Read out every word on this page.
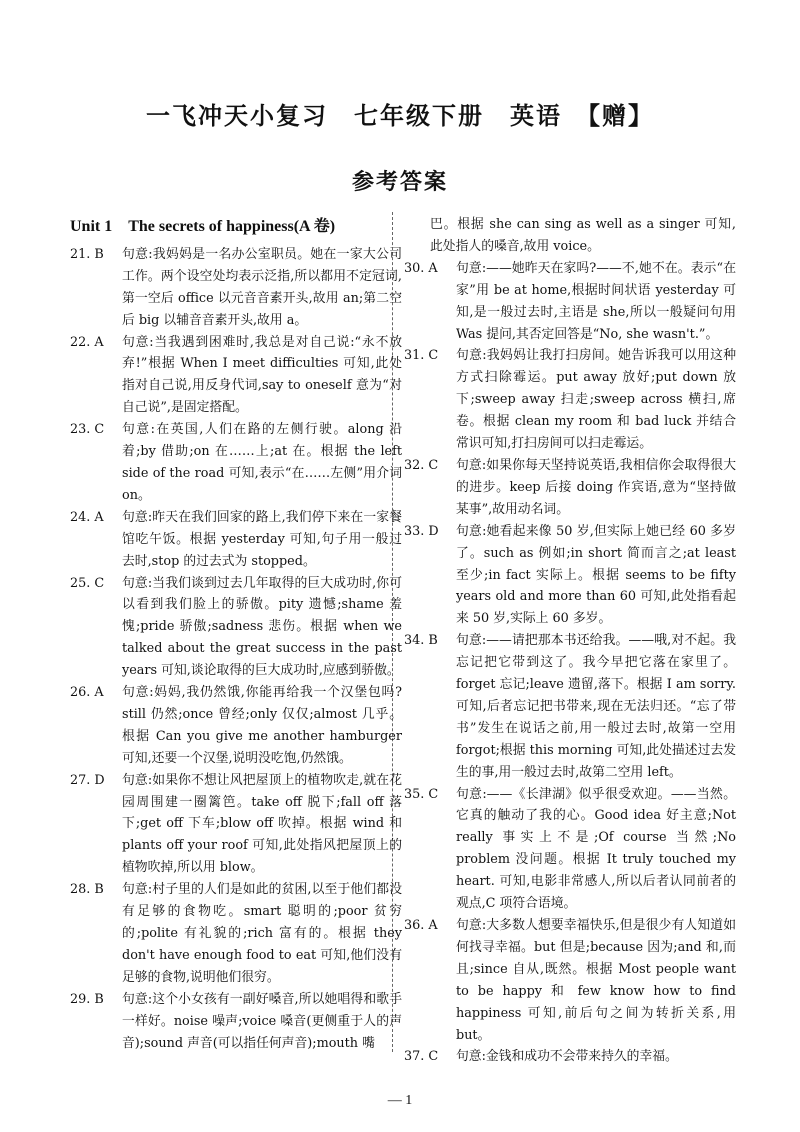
一飞冲天小复习　七年级下册　英语　【赠】
参考答案
Unit 1　The secrets of happiness(A 卷)
21. B	句意:我妈妈是一名办公室职员。她在一家大公司工作。两个设空处均表示泛指,所以都用不定冠词,第一空后 office 以元音音素开头,故用 an;第二空后 big 以辅音音素开头,故用 a。
22. A	句意:当我遇到困难时,我总是对自己说:“永不放弃!”根据 When I meet difficulties 可知,此处指对自己说,用反身代词,say to oneself 意为“对自己说”,是固定搭配。
23. C	句意:在英国,人们在路的左侧行驶。along 沿着;by 借助;on 在……上;at 在。根据 the left side of the road 可知,表示“在……左侧”用介词 on。
24. A	句意:昨天在我们回家的路上,我们停下来在一家餐馆吃午饭。根据 yesterday 可知,句子用一般过去时,stop 的过去式为 stopped。
25. C	句意:当我们谈到过去几年取得的巨大成功时,你可以看到我们脸上的骄傲。pity 遗憾;shame 羞愧;pride 骄傲;sadness 悲伤。根据 when we talked about the great success in the past years 可知,谈论取得的巨大成功时,应感到骄傲。
26. A	句意:妈妈,我仍然饿,你能再给我一个汉堡包吗?still 仍然;once 曾经;only 仅仅;almost 几乎。根据 Can you give me another hamburger 可知,还要一个汉堡,说明没吃饱,仍然饿。
27. D	句意:如果你不想让风把屋顶上的植物吹走,就在花园周围建一圈篱笆。take off 脱下;fall off 落下;get off 下车;blow off 吹掉。根据 wind 和 plants off your roof 可知,此处指风把屋顶上的植物吹掉,所以用 blow。
28. B	句意:村子里的人们是如此的贫困,以至于他们都没有足够的食物吃。smart 聪明的;poor 贫穷的;polite 有礼貌的;rich 富有的。根据 they don't have enough food to eat 可知,他们没有足够的食物,说明他们很穷。
29. B	句意:这个小女孩有一副好嗓音,所以她唱得和歌手一样好。noise 噪声;voice 嗓音(更侧重于人的声音);sound 声音(可以指任何声音);mouth 嘴
巴。根据 she can sing as well as a singer 可知,此处指人的嗓音,故用 voice。
30. A	句意:——她昨天在家吗?——不,她不在。表示“在家”用 be at home,根据时间状语 yesterday 可知,是一般过去时,主语是 she,所以一般疑问句用 Was 提问,其否定回答是“No, she wasn't.”。
31. C	句意:我妈妈让我打扫房间。她告诉我可以用这种方式扫除霉运。put away 放好;put down 放下;sweep away 扫走;sweep across 横扫,席卷。根据 clean my room 和 bad luck 并结合常识可知,打扫房间可以扫走霉运。
32. C	句意:如果你每天坚持说英语,我相信你会取得很大的进步。keep 后接 doing 作宾语,意为“坚持做某事”,故用动名词。
33. D	句意:她看起来像 50 岁,但实际上她已经 60 多岁了。such as 例如;in short 简而言之;at least 至少;in fact 实际上。根据 seems to be fifty years old and more than 60 可知,此处指看起来 50 岁,实际上 60 多岁。
34. B	句意:——请把那本书还给我。——哦,对不起。我忘记把它带到这了。我今早把它落在家里了。forget 忘记;leave 遗留,落下。根据 I am sorry. 可知,后者忘记把书带来,现在无法归还。“忘了带书”发生在说话之前,用一般过去时,故第一空用 forgot;根据 this morning 可知,此处描述过去发生的事,用一般过去时,故第二空用 left。
35. C	句意:——《长津湖》似乎很受欢迎。——当然。它真的触动了我的心。Good idea 好主意;Not really 事实上不是;Of course 当然;No problem 没问题。根据 It truly touched my heart. 可知,电影非常感人,所以后者认同前者的观点,C 项符合语境。
36. A	句意:大多数人想要幸福快乐,但是很少有人知道如何找寻幸福。but 但是;because 因为;and 和,而且;since 自从,既然。根据 Most people want to be happy 和 few know how to find happiness 可知,前后句之间为转折关系,用 but。
37. C	句意:金钱和成功不会带来持久的幸福。
— 1
